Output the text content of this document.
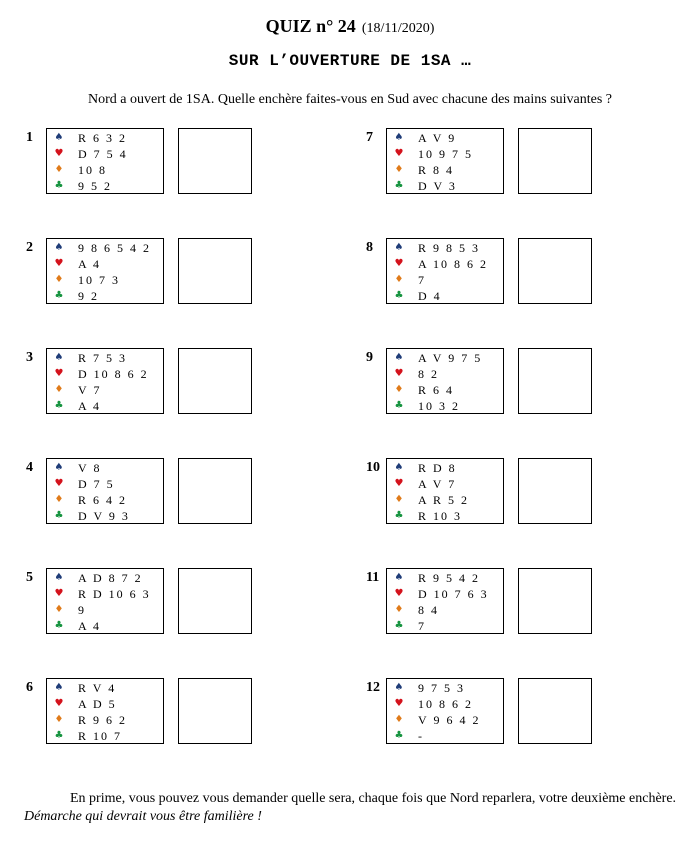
QUIZ n° 24 (18/11/2020)
SUR L’OUVERTURE DE 1SA …
Nord a ouvert de 1SA. Quelle enchère faites-vous en Sud avec chacune des mains suivantes ?
1	♠ R 6 3 2
♥ D 7 5 4
♦ 10 8
♣ 9 5 2
2	♠ 9 8 6 5 4 2
♥ A 4
♦ 10 7 3
♣ 9 2
3	♠ R 7 5 3
♥ D 10 8 6 2
♦ V 7
♣ A 4
4	♠ V 8
♥ D 7 5
♦ R 6 4 2
♣ D V 9 3
5	♠ A D 8 7 2
♥ R D 10 6 3
♦ 9
♣ A 4
6	♠ R V 4
♥ A D 5
♦ R 9 6 2
♣ R 10 7
7	♠ A V 9
♥ 10 9 7 5
♦ R 8 4
♣ D V 3
8	♠ R 9 8 5 3
♥ A 10 8 6 2
♦ 7
♣ D 4
9	♠ A V 9 7 5
♥ 8 2
♦ R 6 4
♣ 10 3 2
10	♠ R D 8
♥ A V 7
♦ A R 5 2
♣ R 10 3
11	♠ R 9 5 4 2
♥ D 10 7 6 3
♦ 8 4
♣ 7
12	♠ 9 7 5 3
♥ 10 8 6 2
♦ V 9 6 4 2
♣ -
En prime, vous pouvez vous demander quelle sera, chaque fois que Nord reparlera, votre deuxième enchère. Démarche qui devrait vous être familière !
